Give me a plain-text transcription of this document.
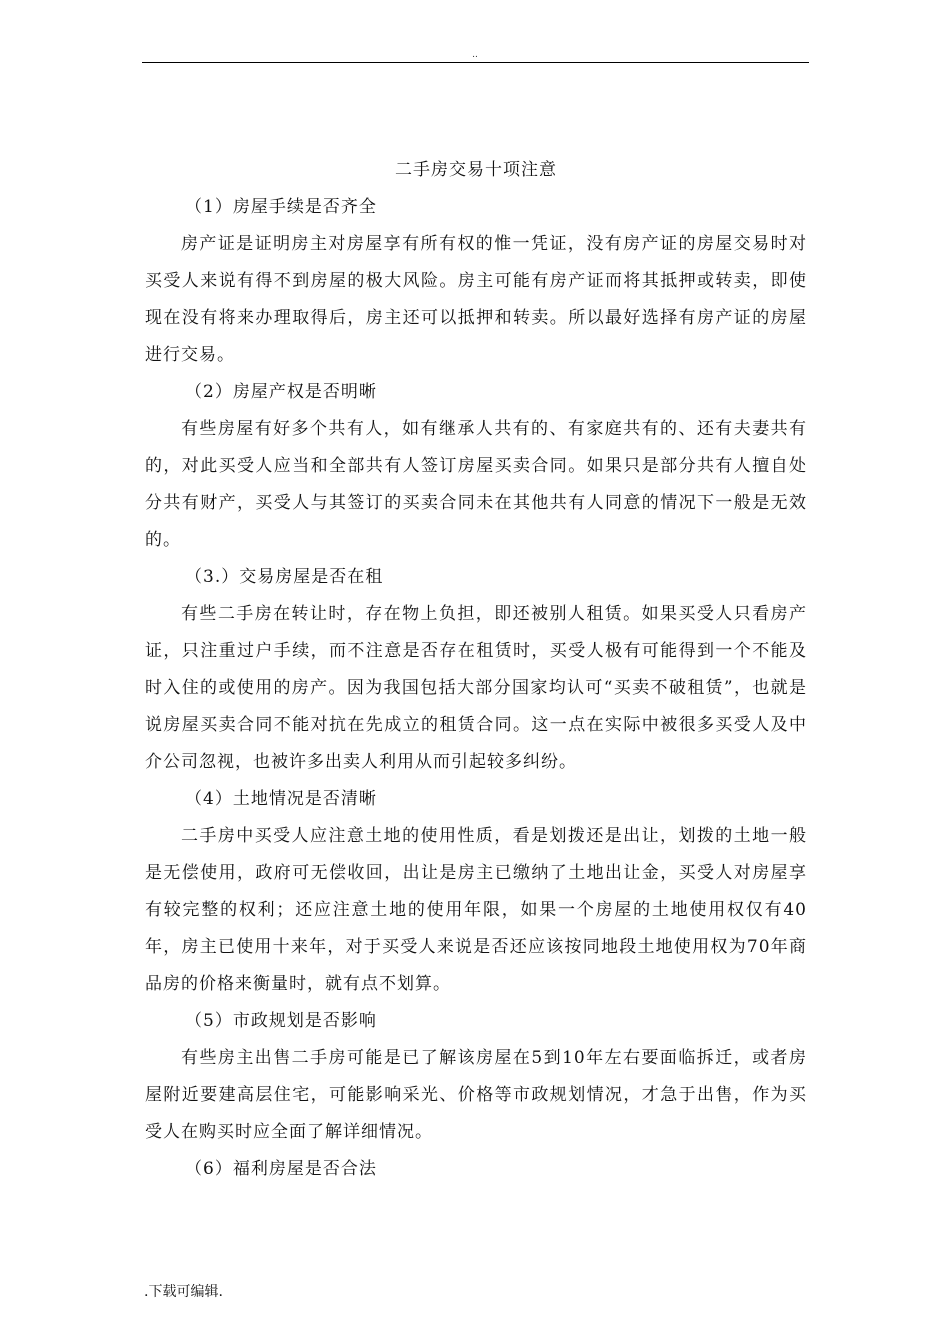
..
二手房交易十项注意

（1）房屋手续是否齐全

房产证是证明房主对房屋享有所有权的惟一凭证，没有房产证的房屋交易时对买受人来说有得不到房屋的极大风险。房主可能有房产证而将其抵押或转卖，即使现在没有将来办理取得后，房主还可以抵押和转卖。所以最好选择有房产证的房屋进行交易。

（2）房屋产权是否明晰

有些房屋有好多个共有人，如有继承人共有的、有家庭共有的、还有夫妻共有的，对此买受人应当和全部共有人签订房屋买卖合同。如果只是部分共有人擅自处分共有财产，买受人与其签订的买卖合同未在其他共有人同意的情况下一般是无效的。

（3.）交易房屋是否在租

有些二手房在转让时，存在物上负担，即还被别人租赁。如果买受人只看房产证，只注重过户手续，而不注意是否存在租赁时，买受人极有可能得到一个不能及时入住的或使用的房产。因为我国包括大部分国家均认可“买卖不破租赁”，也就是说房屋买卖合同不能对抗在先成立的租赁合同。这一点在实际中被很多买受人及中介公司忽视，也被许多出卖人利用从而引起较多纠纷。

（4）土地情况是否清晰

二手房中买受人应注意土地的使用性质，看是划拨还是出让，划拨的土地一般是无偿使用，政府可无偿收回，出让是房主已缴纳了土地出让金，买受人对房屋享有较完整的权利；还应注意土地的使用年限，如果一个房屋的土地使用权仅有40年，房主已使用十来年，对于买受人来说是否还应该按同地段土地使用权为70年商品房的价格来衡量时，就有点不划算。

（5）市政规划是否影响

有些房主出售二手房可能是已了解该房屋在5到10年左右要面临拆迁，或者房屋附近要建高层住宅，可能影响采光、价格等市政规划情况，才急于出售，作为买受人在购买时应全面了解详细情况。

（6）福利房屋是否合法

.下载可编辑.
